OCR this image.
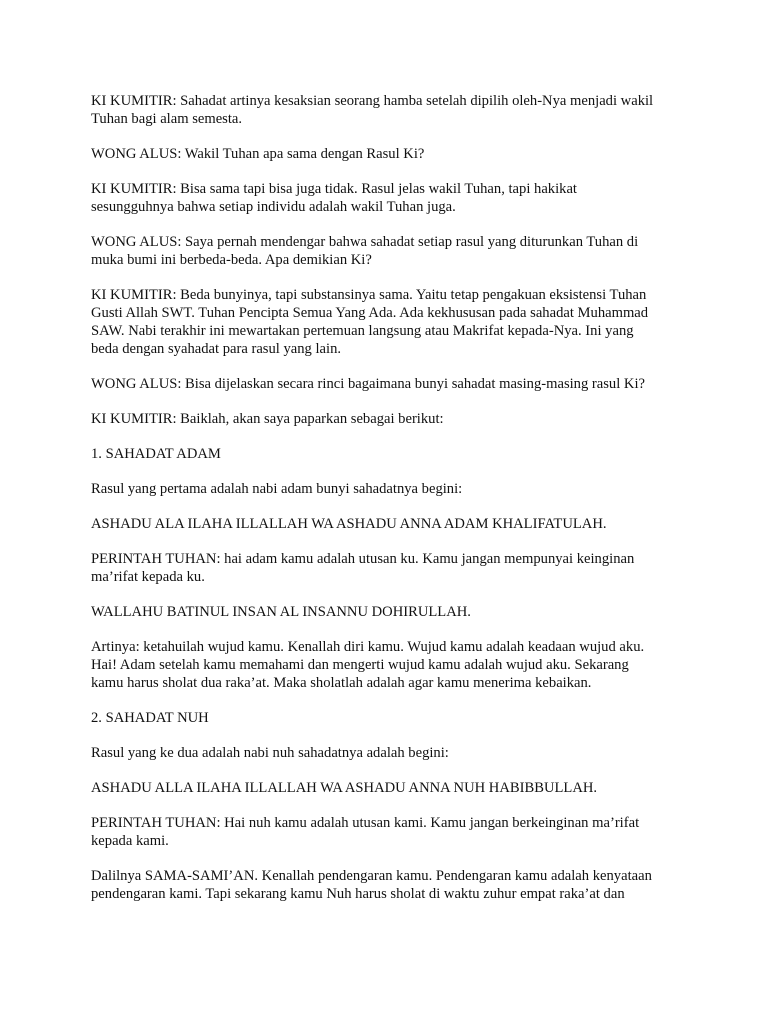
KI KUMITIR: Sahadat artinya kesaksian seorang hamba setelah dipilih oleh-Nya menjadi wakil
Tuhan bagi alam semesta.

WONG ALUS: Wakil Tuhan apa sama dengan Rasul Ki?

KI KUMITIR: Bisa sama tapi bisa juga tidak. Rasul jelas wakil Tuhan, tapi hakikat
sesungguhnya bahwa setiap individu adalah wakil Tuhan juga.

WONG ALUS: Saya pernah mendengar bahwa sahadat setiap rasul yang diturunkan Tuhan di
muka bumi ini berbeda-beda. Apa demikian Ki?

KI KUMITIR: Beda bunyinya, tapi substansinya sama. Yaitu tetap pengakuan eksistensi Tuhan
Gusti Allah SWT. Tuhan Pencipta Semua Yang Ada. Ada kekhususan pada sahadat Muhammad
SAW. Nabi terakhir ini mewartakan pertemuan langsung atau Makrifat kepada-Nya. Ini yang
beda dengan syahadat para rasul yang lain.

WONG ALUS: Bisa dijelaskan secara rinci bagaimana bunyi sahadat masing-masing rasul Ki?

KI KUMITIR: Baiklah, akan saya paparkan sebagai berikut:

1. SAHADAT ADAM

Rasul yang pertama adalah nabi adam bunyi sahadatnya begini:

ASHADU ALA ILAHA ILLALLAH WA ASHADU ANNA ADAM KHALIFATULAH.

PERINTAH TUHAN: hai adam kamu adalah utusan ku. Kamu jangan mempunyai keinginan
ma’rifat kepada ku.

WALLAHU BATINUL INSAN AL INSANNU DOHIRULLAH.

Artinya: ketahuilah wujud kamu. Kenallah diri kamu. Wujud kamu adalah keadaan wujud aku.
Hai! Adam setelah kamu memahami dan mengerti wujud kamu adalah wujud aku. Sekarang
kamu harus sholat dua raka’at. Maka sholatlah adalah agar kamu menerima kebaikan.

2. SAHADAT NUH

Rasul yang ke dua adalah nabi nuh sahadatnya adalah begini:

ASHADU ALLA ILAHA ILLALLAH WA ASHADU ANNA NUH HABIBBULLAH.

PERINTAH TUHAN: Hai nuh kamu adalah utusan kami. Kamu jangan berkeinginan ma’rifat
kepada kami.

Dalilnya SAMA-SAMI’AN. Kenallah pendengaran kamu. Pendengaran kamu adalah kenyataan
pendengaran kami. Tapi sekarang kamu Nuh harus sholat di waktu zuhur empat raka’at dan
